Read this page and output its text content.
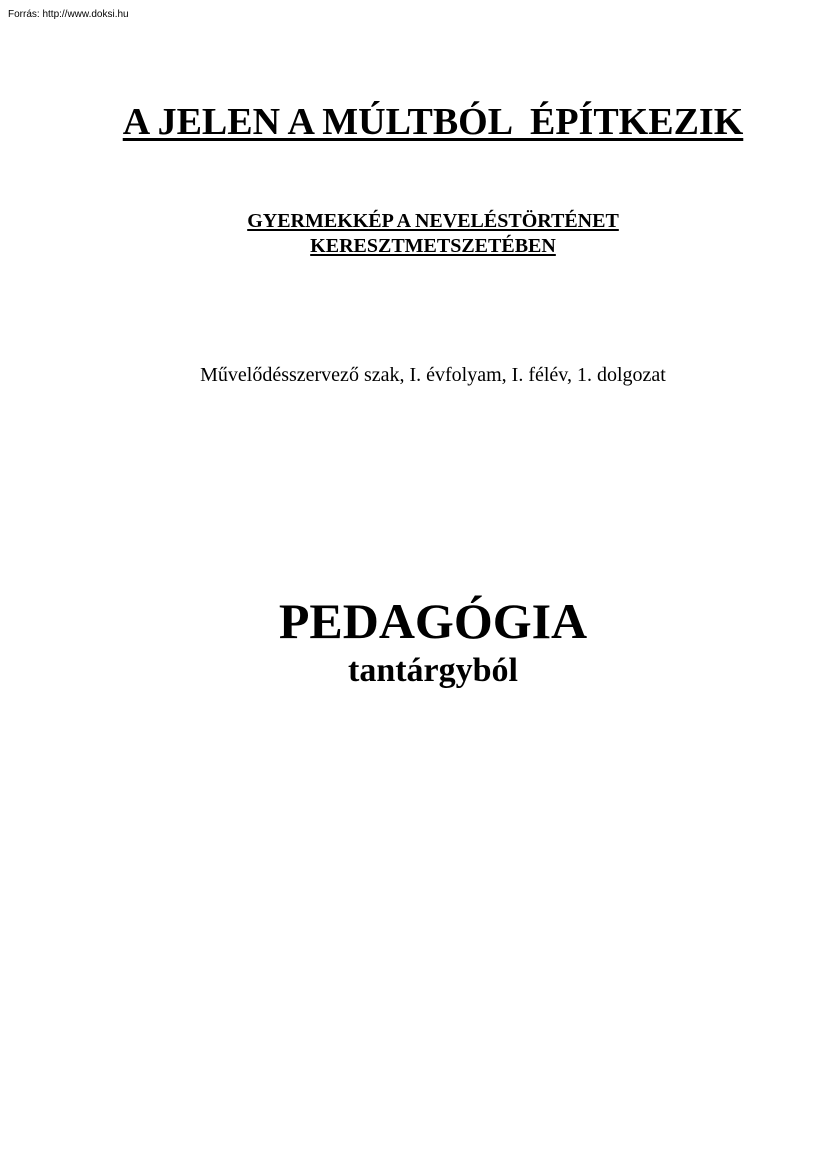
Forrás: http://www.doksi.hu
A JELEN A MÚLTBÓL  ÉPÍTKEZIK
GYERMEKKÉP A NEVELÉSTÖRTÉNET
KERESZTMETSZETÉBEN
Művelődésszervező szak, I. évfolyam, I. félév, 1. dolgozat
PEDAGÓGIA
tantárgyból
